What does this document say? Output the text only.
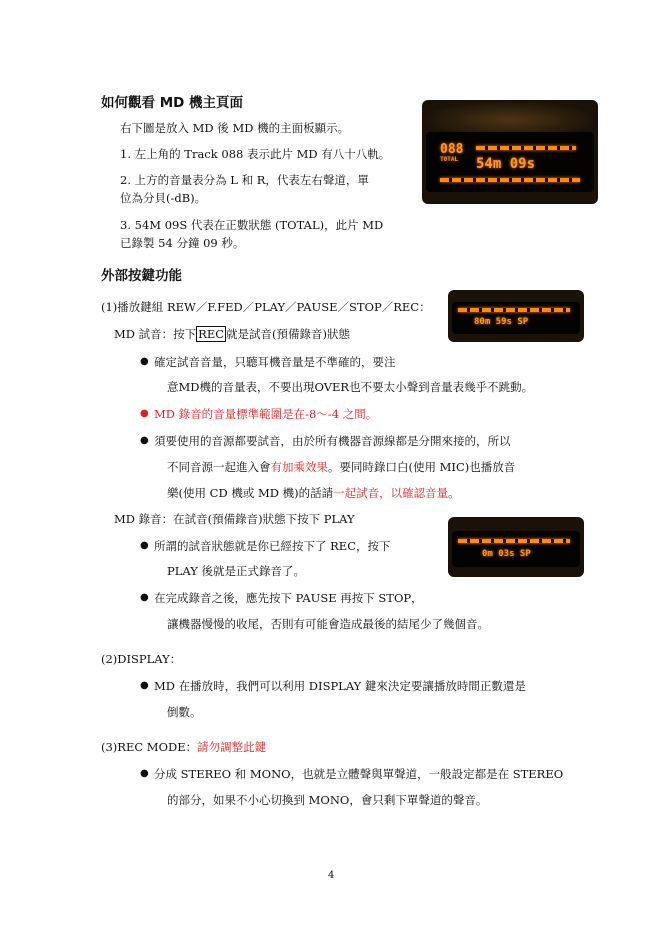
如何觀看 MD 機主頁面
右下圖是放入 MD 後 MD 機的主面板顯示。
1. 左上角的 Track 088 表示此片 MD 有八十八軌。
2. 上方的音量表分為 L 和 R，代表左右聲道，單
位為分貝(-dB)。
3. 54M 09S 代表在正數狀態 (TOTAL)，此片 MD
已錄製 54 分鐘 09 秒。
088
TOTAL 54m 09s
外部按鍵功能
(1)播放鍵組 REW／F.FED／PLAY／PAUSE／STOP／REC：
MD 試音：按下 REC 就是試音(預備錄音)狀態
80m 59s SP
● 確定試音音量，只聽耳機音量是不準確的，要注
意MD機的音量表，不要出現OVER也不要太小聲到音量表幾乎不跳動。
● MD 錄音的音量標準範圍是在-8～-4 之間。
● 須要使用的音源都要試音，由於所有機器音源線都是分開來接的，所以
不同音源一起進入會有加乘效果。要同時錄口白(使用 MIC)也播放音
樂(使用 CD 機或 MD 機)的話請一起試音，以確認音量。
MD 錄音：在試音(預備錄音)狀態下按下 PLAY
0m 03s SP
● 所謂的試音狀態就是你已經按下了 REC，按下
PLAY 後就是正式錄音了。
● 在完成錄音之後，應先按下 PAUSE 再按下 STOP，
讓機器慢慢的收尾，否則有可能會造成最後的結尾少了幾個音。
(2)DISPLAY：
● MD 在播放時，我們可以利用 DISPLAY 鍵來決定要讓播放時間正數還是
倒數。
(3)REC MODE：請勿調整此鍵
● 分成 STEREO 和 MONO，也就是立體聲與單聲道，一般設定都是在 STEREO
的部分，如果不小心切換到 MONO，會只剩下單聲道的聲音。
4
